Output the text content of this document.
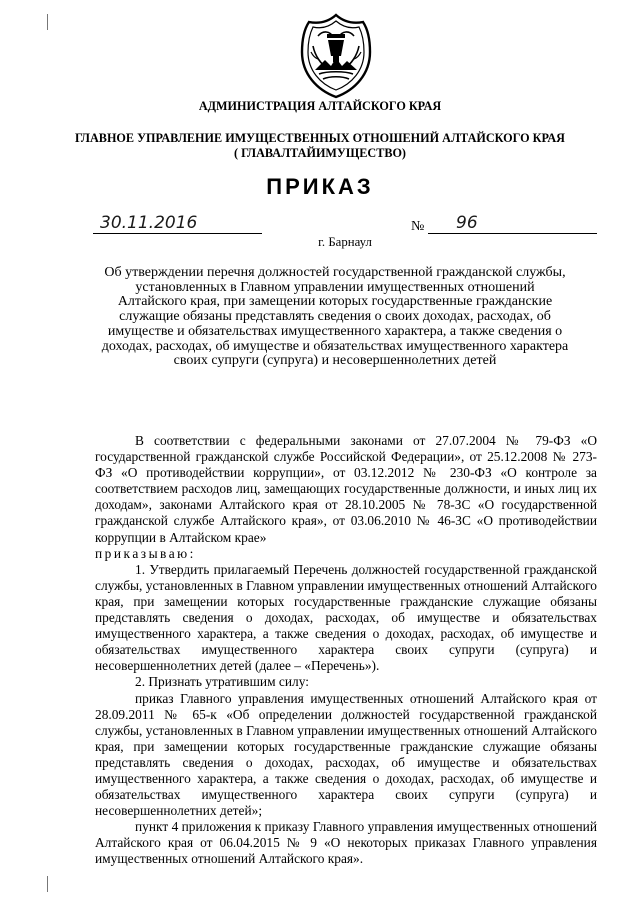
АДМИНИСТРАЦИЯ АЛТАЙСКОГО КРАЯ
ГЛАВНОЕ УПРАВЛЕНИЕ ИМУЩЕСТВЕННЫХ ОТНОШЕНИЙ АЛТАЙСКОГО КРАЯ
( ГЛАВАЛТАЙИМУЩЕСТВО)
ПРИКАЗ
30.11.2016	№ 96
г. Барнаул
Об утверждении перечня должностей государственной гражданской службы, установленных в Главном управлении имущественных отношений Алтайского края, при замещении которых государственные гражданские служащие обязаны представлять сведения о своих доходах, расходах, об имуществе и обязательствах имущественного характера, а также сведения о доходах, расходах, об имуществе и обязательствах имущественного характера своих супруги (супруга) и несовершеннолетних детей

В соответствии с федеральными законами от 27.07.2004 № 79-ФЗ «О государственной гражданской службе Российской Федерации», от 25.12.2008 № 273-ФЗ «О противодействии коррупции», от 03.12.2012 № 230-ФЗ «О контроле за соответствием расходов лиц, замещающих государственные должности, и иных лиц их доходам», законами Алтайского края от 28.10.2005 № 78-ЗС «О государственной гражданской службе Алтайского края», от 03.06.2010 № 46-ЗС «О противодействии коррупции в Алтайском крае»

приказываю:

1. Утвердить прилагаемый Перечень должностей государственной гражданской службы, установленных в Главном управлении имущественных отношений Алтайского края, при замещении которых государственные гражданские служащие обязаны представлять сведения о доходах, расходах, об имуществе и обязательствах имущественного характера, а также сведения о доходах, расходах, об имуществе и обязательствах имущественного характера своих супруги (супруга) и несовершеннолетних детей (далее – «Перечень»).

2. Признать утратившим силу:

приказ Главного управления имущественных отношений Алтайского края от 28.09.2011 № 65-к «Об определении должностей государственной гражданской службы, установленных в Главном управлении имущественных отношений Алтайского края, при замещении которых государственные гражданские служащие обязаны представлять сведения о доходах, расходах, об имуществе и обязательствах имущественного характера, а также сведения о доходах, расходах, об имуществе и обязательствах имущественного характера своих супруги (супруга) и несовершеннолетних детей»;

пункт 4 приложения к приказу Главного управления имущественных отношений Алтайского края от 06.04.2015 № 9 «О некоторых приказах Главного управления имущественных отношений Алтайского края».
